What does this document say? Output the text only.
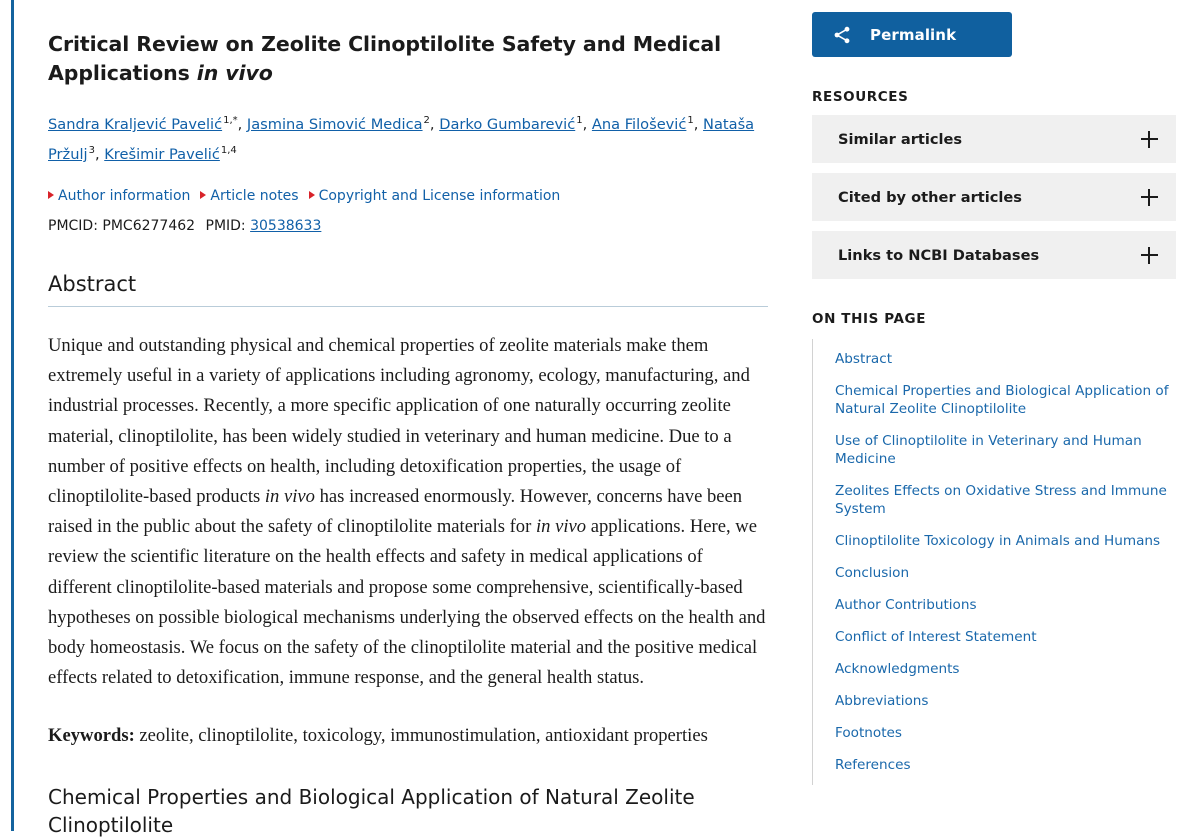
Critical Review on Zeolite Clinoptilolite Safety and Medical Applications in vivo
Sandra Kraljević Pavelić$^{1,*}$, Jasmina Simović Medica$^2$, Darko Gumbarević$^1$, Ana Filošević$^1$, Nataša Pržulj$^3$, Krešimir Pavelić$^{1,4}$
Author information Article notes Copyright and License information
PMCID: PMC6277462 PMID: 30538633
Abstract
Unique and outstanding physical and chemical properties of zeolite materials make them extremely useful in a variety of applications including agronomy, ecology, manufacturing, and industrial processes. Recently, a more specific application of one naturally occurring zeolite material, clinoptilolite, has been widely studied in veterinary and human medicine. Due to a number of positive effects on health, including detoxification properties, the usage of clinoptilolite-based products in vivo has increased enormously. However, concerns have been raised in the public about the safety of clinoptilolite materials for in vivo applications. Here, we review the scientific literature on the health effects and safety in medical applications of different clinoptilolite-based materials and propose some comprehensive, scientifically-based hypotheses on possible biological mechanisms underlying the observed effects on the health and body homeostasis. We focus on the safety of the clinoptilolite material and the positive medical effects related to detoxification, immune response, and the general health status.
Keywords: zeolite, clinoptilolite, toxicology, immunostimulation, antioxidant properties
Chemical Properties and Biological Application of Natural Zeolite Clinoptilolite
Permalink
RESOURCES
Similar articles
Cited by other articles
Links to NCBI Databases
ON THIS PAGE
Abstract
Chemical Properties and Biological Application of Natural Zeolite Clinoptilolite
Use of Clinoptilolite in Veterinary and Human Medicine
Zeolites Effects on Oxidative Stress and Immune System
Clinoptilolite Toxicology in Animals and Humans
Conclusion
Author Contributions
Conflict of Interest Statement
Acknowledgments
Abbreviations
Footnotes
References
